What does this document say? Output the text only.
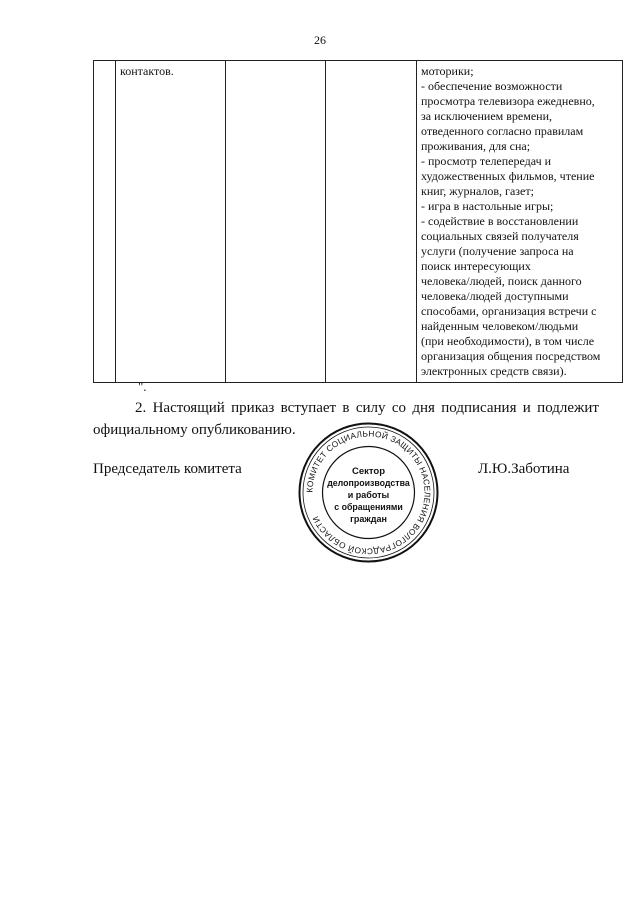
26
	контактов.			моторики;
- обеспечение возможности
просмотра телевизора ежедневно,
за исключением времени,
отведенного согласно правилам
проживания, для сна;
- просмотр телепередач и
художественных фильмов, чтение
книг, журналов, газет;
- игра в настольные игры;
- содействие в восстановлении
социальных связей получателя
услуги (получение запроса на
поиск интересующих
человека/людей, поиск данного
человека/людей доступными
способами, организация встречи с
найденным человеком/людьми
(при необходимости), в том числе
организация общения посредством
электронных средств связи).
".
2. Настоящий приказ вступает в силу со дня подписания и подлежит
официальному опубликованию.
Председатель комитета
КОМИТЕТ СОЦИАЛЬНОЙ ЗАЩИТЫ НАСЕЛЕНИЯ ВОЛГОГРАДСКОЙ ОБЛАСТИ
Сектор
делопроизводства
и работы
с обращениями
граждан
Л.Ю.Заботина
